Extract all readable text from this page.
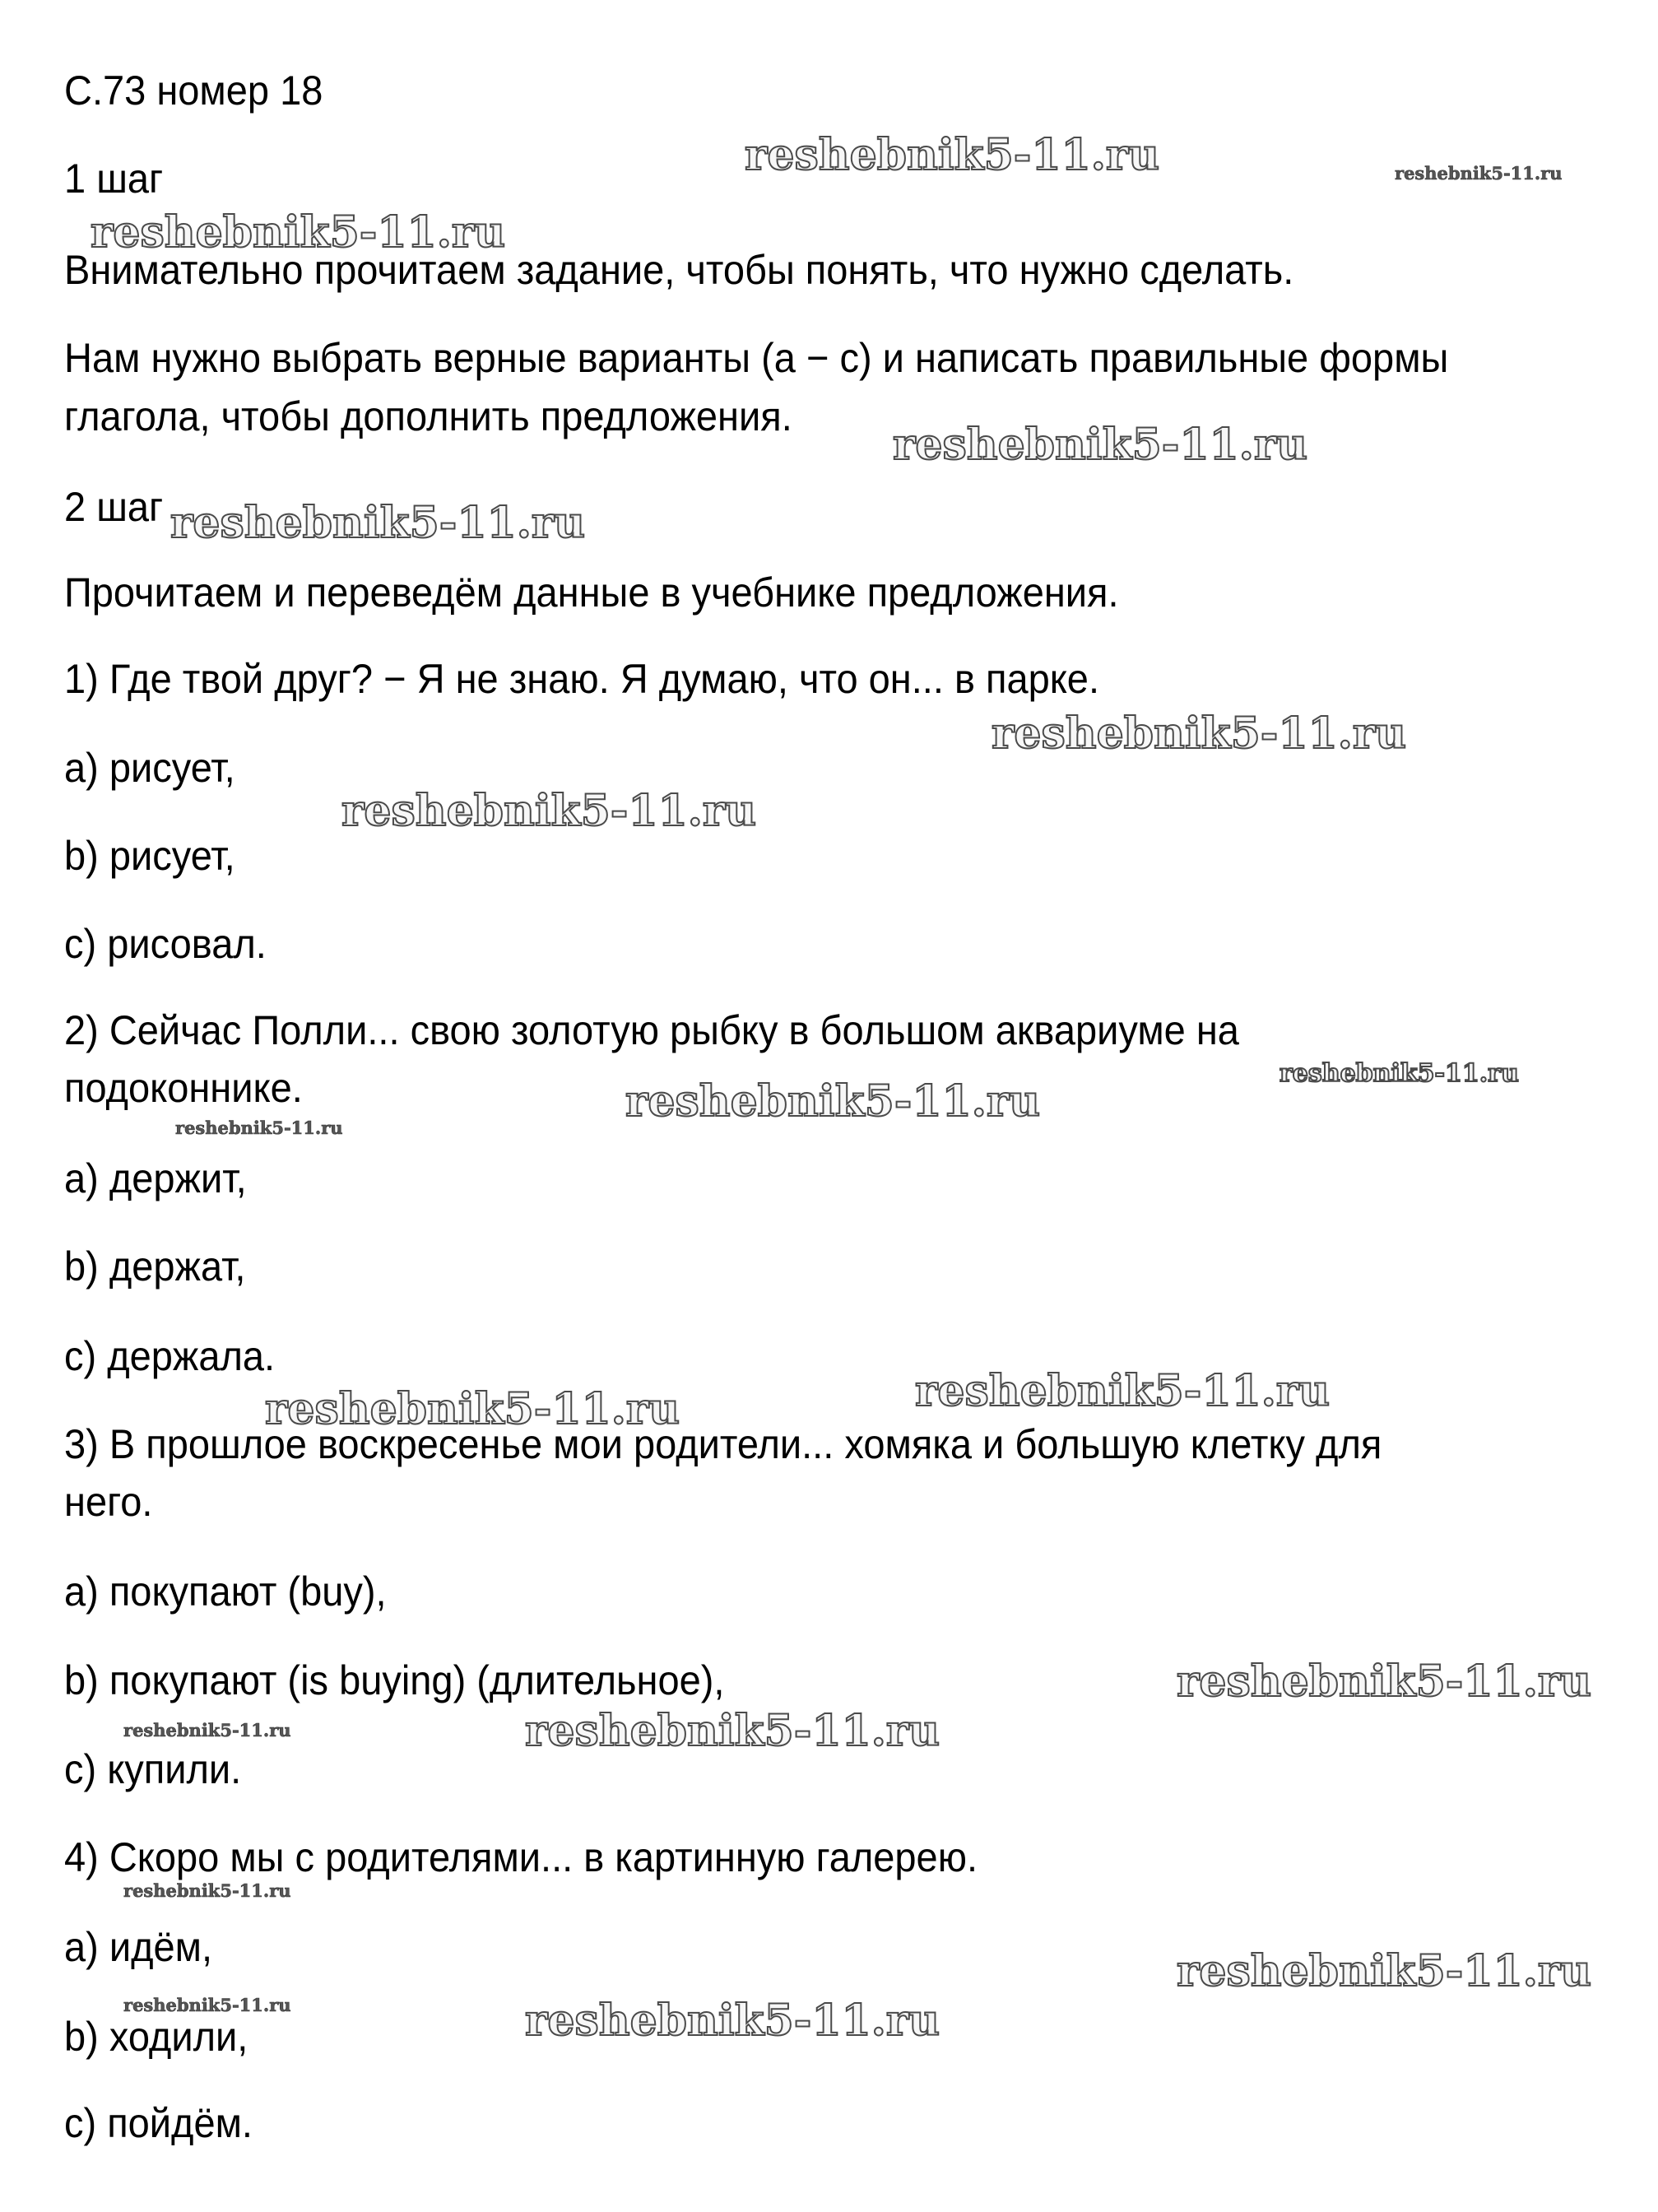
С.73 номер 18
1 шаг
Внимательно прочитаем задание, чтобы понять, что нужно сделать.
Нам нужно выбрать верные варианты (a − c) и написать правильные формы
глагола, чтобы дополнить предложения.
2 шаг
Прочитаем и переведём данные в учебнике предложения.
1) Где твой друг? − Я не знаю. Я думаю, что он... в парке.
a) рисует,
b) рисует,
c) рисовал.
2) Сейчас Полли... свою золотую рыбку в большом аквариуме на
подоконнике.
a) держит,
b) держат,
c) держала.
3) В прошлое воскресенье мои родители... хомяка и большую клетку для
него.
a) покупают (buy),
b) покупают (is buying) (длительное),
c) купили.
4) Скоро мы с родителями... в картинную галерею.
a) идём,
b) ходили,
c) пойдём.
reshebnik5-11.ru
reshebnik5-11.ru
reshebnik5-11.ru
reshebnik5-11.ru
reshebnik5-11.ru
reshebnik5-11.ru
reshebnik5-11.ru
reshebnik5-11.ru
reshebnik5-11.ru
reshebnik5-11.ru
reshebnik5-11.ru
reshebnik5-11.ru
reshebnik5-11.ru
reshebnik5-11.ru
reshebnik5-11.ru
reshebnik5-11.ru
reshebnik5-11.ru
reshebnik5-11.ru
reshebnik5-11.ru
